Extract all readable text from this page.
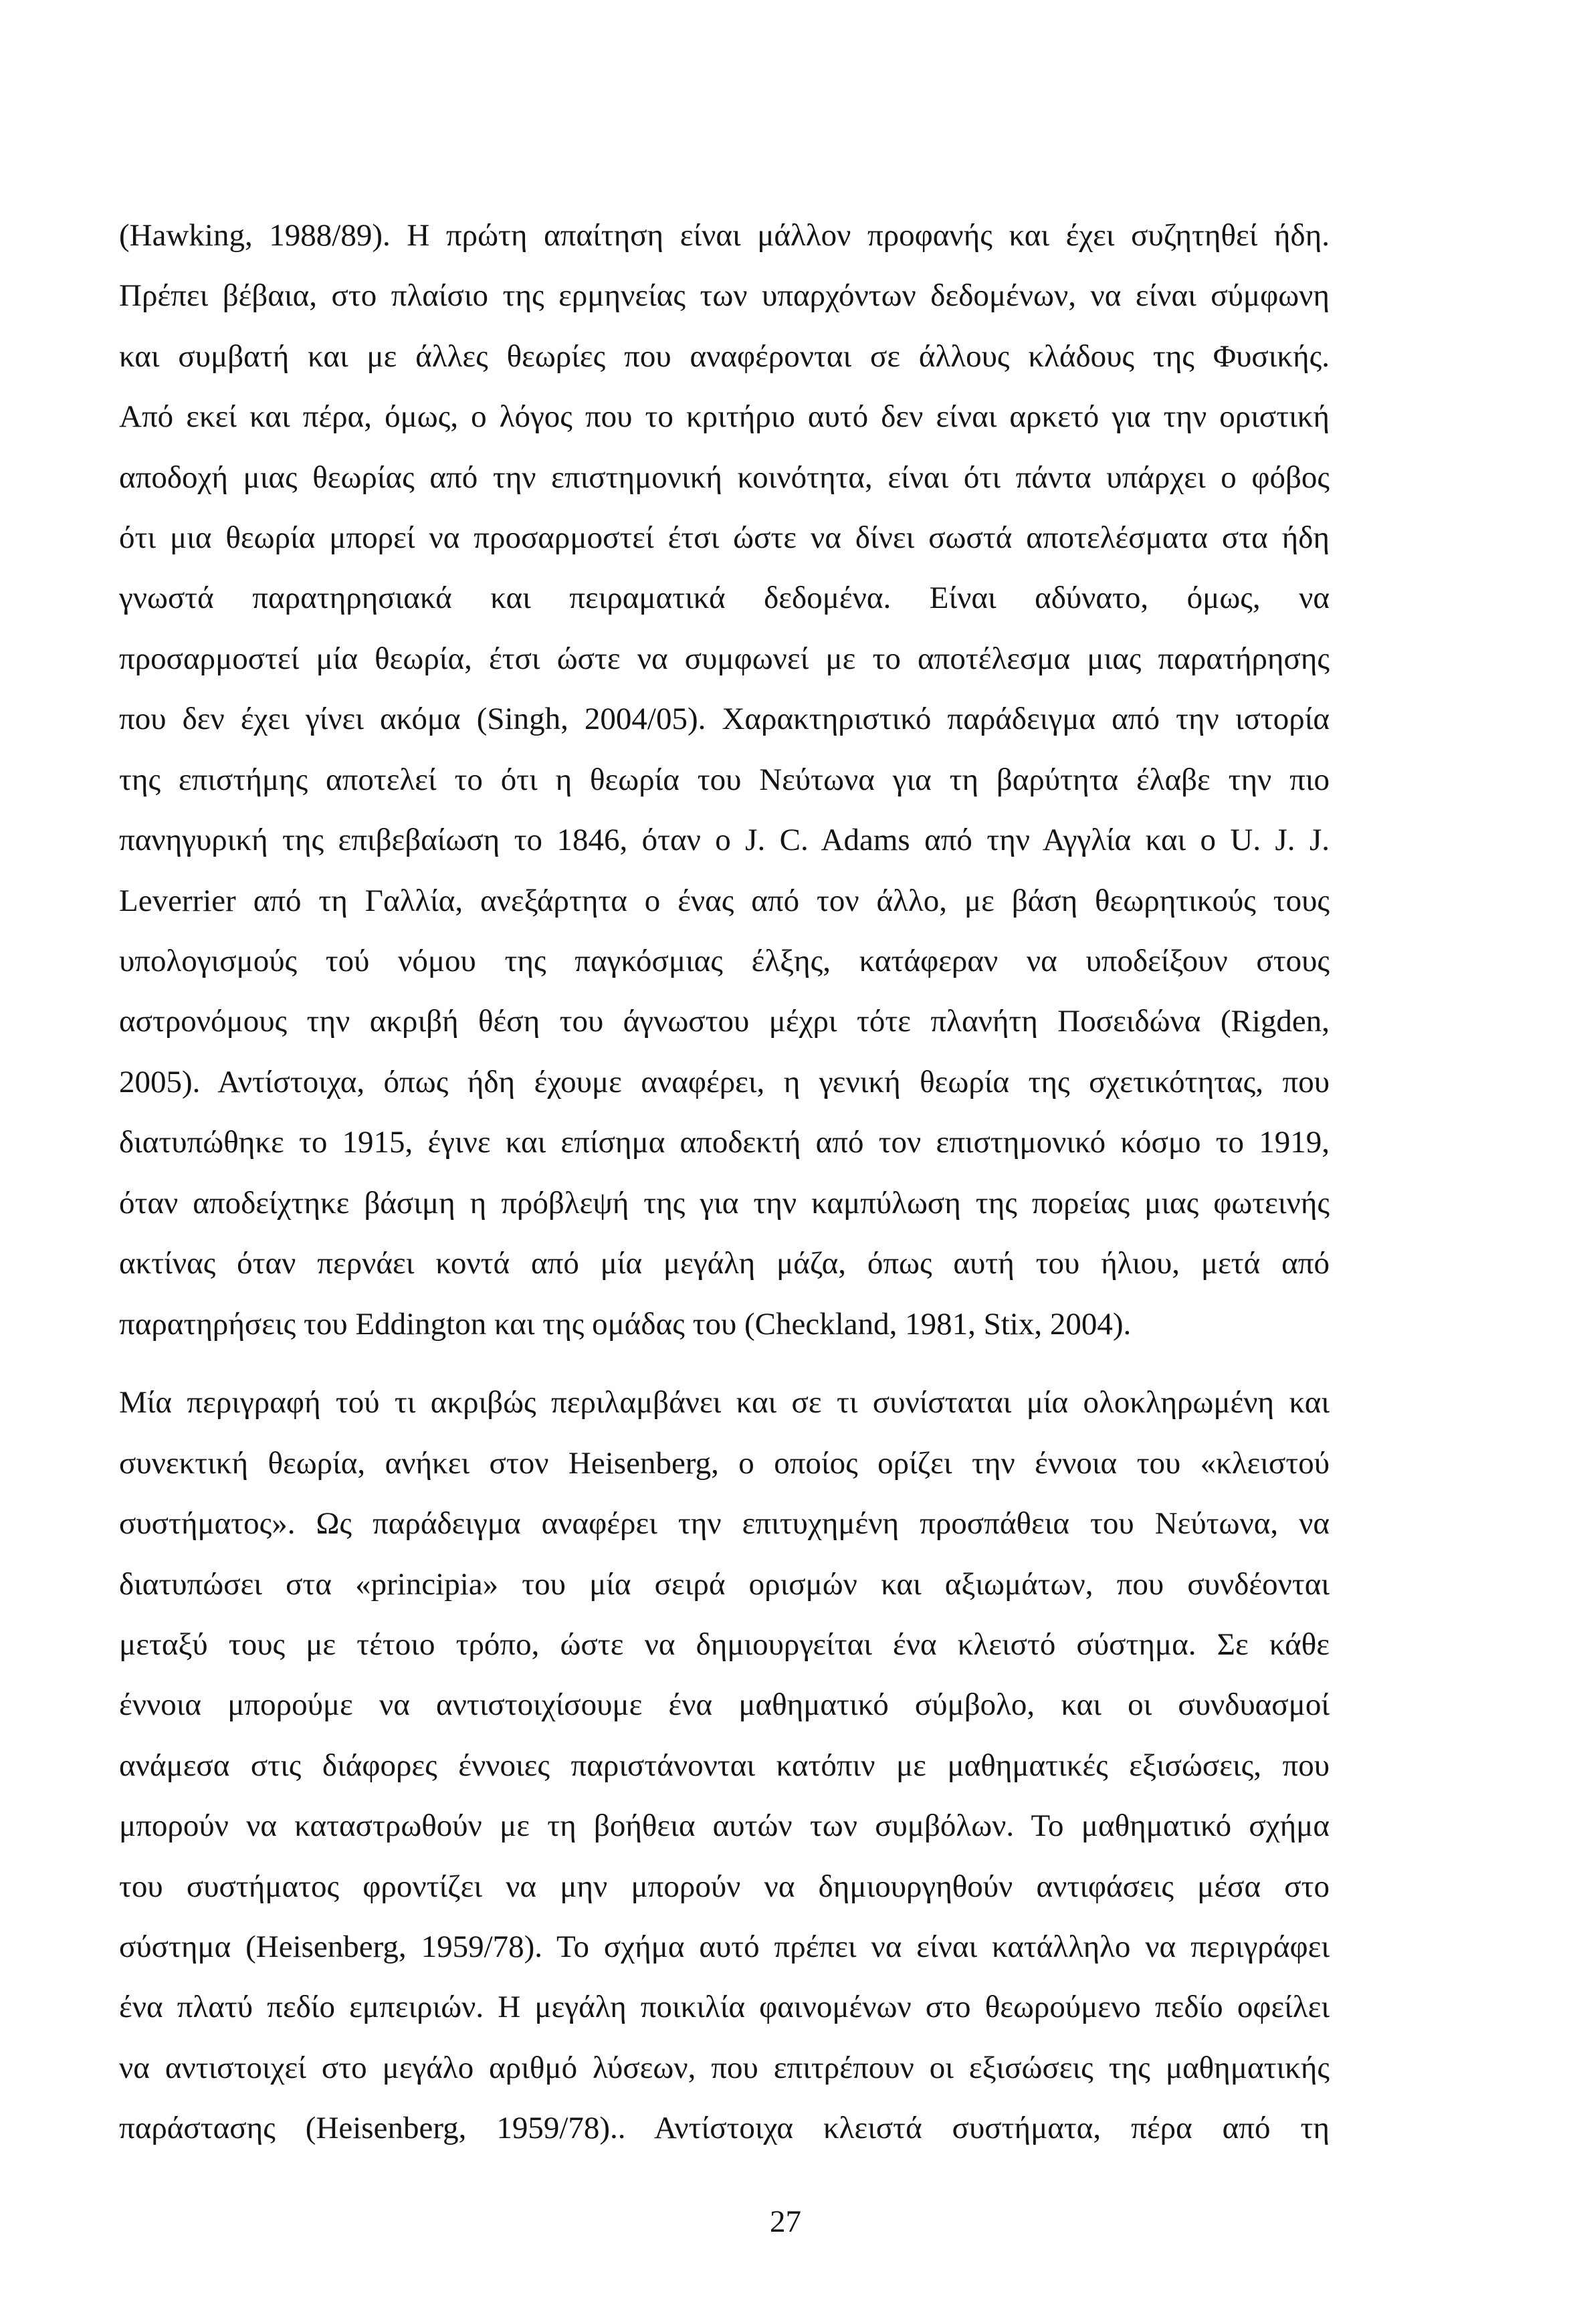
(Hawking, 1988/89). Η πρώτη απαίτηση είναι μάλλον προφανής και έχει συζητηθεί ήδη.
Πρέπει βέβαια, στο πλαίσιο της ερμηνείας των υπαρχόντων δεδομένων, να είναι σύμφωνη
και συμβατή και με άλλες θεωρίες που αναφέρονται σε άλλους κλάδους της Φυσικής.
Από εκεί και πέρα, όμως, ο λόγος που το κριτήριο αυτό δεν είναι αρκετό για την οριστική
αποδοχή μιας θεωρίας από την επιστημονική κοινότητα, είναι ότι πάντα υπάρχει ο φόβος
ότι μια θεωρία μπορεί να προσαρμοστεί έτσι ώστε να δίνει σωστά αποτελέσματα στα ήδη
γνωστά παρατηρησιακά και πειραματικά δεδομένα. Είναι αδύνατο, όμως, να
προσαρμοστεί μία θεωρία, έτσι ώστε να συμφωνεί με το αποτέλεσμα μιας παρατήρησης
που δεν έχει γίνει ακόμα (Singh, 2004/05). Χαρακτηριστικό παράδειγμα από την ιστορία
της επιστήμης αποτελεί το ότι η θεωρία του Νεύτωνα για τη βαρύτητα έλαβε την πιο
πανηγυρική της επιβεβαίωση το 1846, όταν ο J. C. Adams από την Αγγλία και ο U. J. J.
Leverrier από τη Γαλλία, ανεξάρτητα ο ένας από τον άλλο, με βάση θεωρητικούς τους
υπολογισμούς τού νόμου της παγκόσμιας έλξης, κατάφεραν να υποδείξουν στους
αστρονόμους την ακριβή θέση του άγνωστου μέχρι τότε πλανήτη Ποσειδώνα (Rigden,
2005). Αντίστοιχα, όπως ήδη έχουμε αναφέρει, η γενική θεωρία της σχετικότητας, που
διατυπώθηκε το 1915, έγινε και επίσημα αποδεκτή από τον επιστημονικό κόσμο το 1919,
όταν αποδείχτηκε βάσιμη η πρόβλεψή της για την καμπύλωση της πορείας μιας φωτεινής
ακτίνας όταν περνάει κοντά από μία μεγάλη μάζα, όπως αυτή του ήλιου, μετά από
παρατηρήσεις του Eddington και της ομάδας του (Checkland, 1981, Stix, 2004).
Μία περιγραφή τού τι ακριβώς περιλαμβάνει και σε τι συνίσταται μία ολοκληρωμένη και
συνεκτική θεωρία, ανήκει στον Heisenberg, ο οποίος ορίζει την έννοια του «κλειστού
συστήματος». Ως παράδειγμα αναφέρει την επιτυχημένη προσπάθεια του Νεύτωνα, να
διατυπώσει στα «principia» του μία σειρά ορισμών και αξιωμάτων, που συνδέονται
μεταξύ τους με τέτοιο τρόπο, ώστε να δημιουργείται ένα κλειστό σύστημα. Σε κάθε
έννοια μπορούμε να αντιστοιχίσουμε ένα μαθηματικό σύμβολο, και οι συνδυασμοί
ανάμεσα στις διάφορες έννοιες παριστάνονται κατόπιν με μαθηματικές εξισώσεις, που
μπορούν να καταστρωθούν με τη βοήθεια αυτών των συμβόλων. Το μαθηματικό σχήμα
του συστήματος φροντίζει να μην μπορούν να δημιουργηθούν αντιφάσεις μέσα στο
σύστημα (Heisenberg, 1959/78). Το σχήμα αυτό πρέπει να είναι κατάλληλο να περιγράφει
ένα πλατύ πεδίο εμπειριών. Η μεγάλη ποικιλία φαινομένων στο θεωρούμενο πεδίο οφείλει
να αντιστοιχεί στο μεγάλο αριθμό λύσεων, που επιτρέπουν οι εξισώσεις της μαθηματικής
παράστασης (Heisenberg, 1959/78).. Αντίστοιχα κλειστά συστήματα, πέρα από τη
27
